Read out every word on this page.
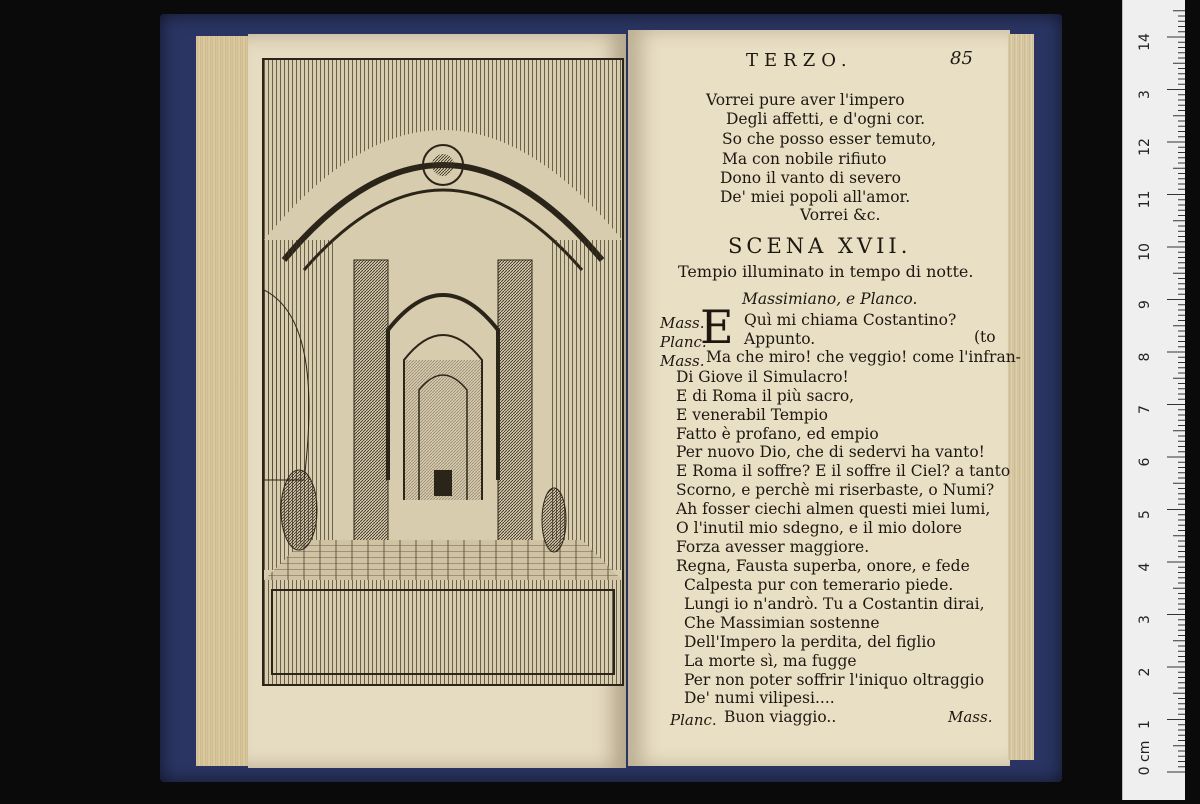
TERZO.	85
Vorrei pure aver l'impero
Degli affetti, e d'ogni cor.
So che posso esser temuto,
Ma con nobile rifiuto
Dono il vanto di severo
De' miei popoli all'amor.
Vorrei &c.
SCENA XVII.
Tempio illuminato in tempo di notte.
Massimiano, e Planco.
E
Mass.	Quì mi chiama Costantino?
Planc. Appunto.	(to
Mass. Ma che miro! che veggio! come l'infran-
Di Giove il Simulacro!
E di Roma il più sacro,
E venerabil Tempio
Fatto è profano, ed empio
Per nuovo Dio, che di sedervi ha vanto!
E Roma il soffre? E il soffre il Ciel? a tanto
Scorno, e perchè mi riserbaste, o Numi?
Ah fosser ciechi almen questi miei lumi,
O l'inutil mio sdegno, e il mio dolore
Forza avesser maggiore.
Regna, Fausta superba, onore, e fede
Calpesta pur con temerario piede.
Lungi io n'andrò. Tu a Costantin dirai,
Che Massimian sostenne
Dell'Impero la perdita, del figlio
La morte sì, ma fugge
Per non poter soffrir l'iniquo oltraggio
De' numi vilipesi....
Planc. Buon viaggio..	Mass.
0 cm
1
2
3
4
5
6
7
8
9
10
11
12
3
14
